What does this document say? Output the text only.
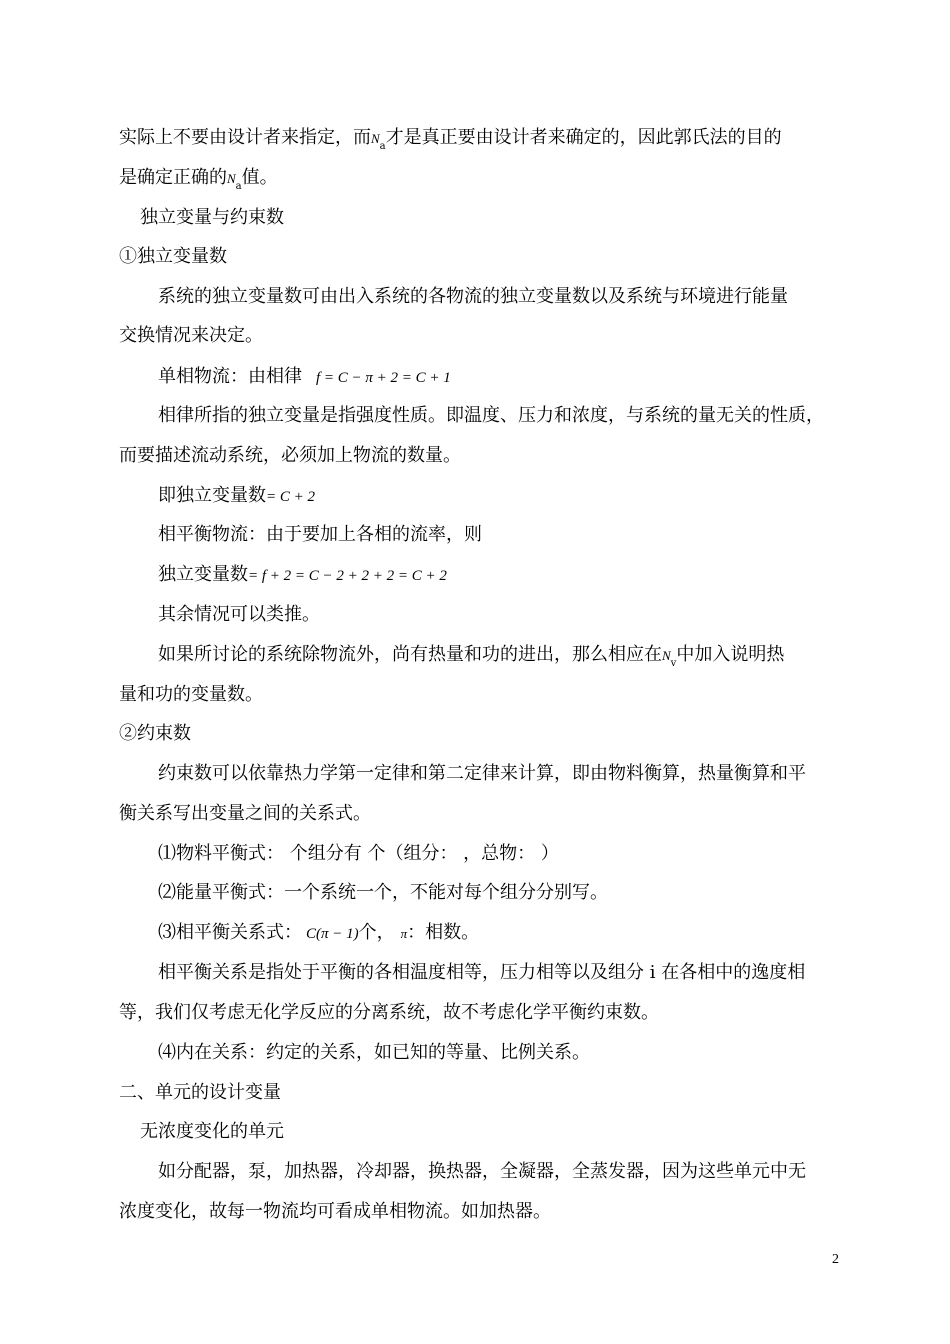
实际上不要由设计者来指定，而$N_a$才是真正要由设计者来确定的，因此郭氏法的目的
是确定正确的$N_a$值。
独立变量与约束数
①独立变量数
系统的独立变量数可由出入系统的各物流的独立变量数以及系统与环境进行能量
交换情况来决定。
单相物流：由相律 f = C − π + 2 = C + 1
相律所指的独立变量是指强度性质。即温度、压力和浓度，与系统的量无关的性质，
而要描述流动系统，必须加上物流的数量。
即独立变量数= C + 2
相平衡物流：由于要加上各相的流率，则
独立变量数= f + 2 = C − 2 + 2 + 2 = C + 2
其余情况可以类推。
如果所讨论的系统除物流外，尚有热量和功的进出，那么相应在$N_v$中加入说明热
量和功的变量数。
②约束数
约束数可以依靠热力学第一定律和第二定律来计算，即由物料衡算，热量衡算和平
衡关系写出变量之间的关系式。
⑴物料平衡式： 个组分有 个（组分： ，总物： ）
⑵能量平衡式：一个系统一个，不能对每个组分分别写。
⑶相平衡关系式： C(π − 1)个， π：相数。
相平衡关系是指处于平衡的各相温度相等，压力相等以及组分 i 在各相中的逸度相
等，我们仅考虑无化学反应的分离系统，故不考虑化学平衡约束数。
⑷内在关系：约定的关系，如已知的等量、比例关系。
二、单元的设计变量
无浓度变化的单元
如分配器，泵，加热器，冷却器，换热器，全凝器，全蒸发器，因为这些单元中无
浓度变化，故每一物流均可看成单相物流。如加热器。
2
